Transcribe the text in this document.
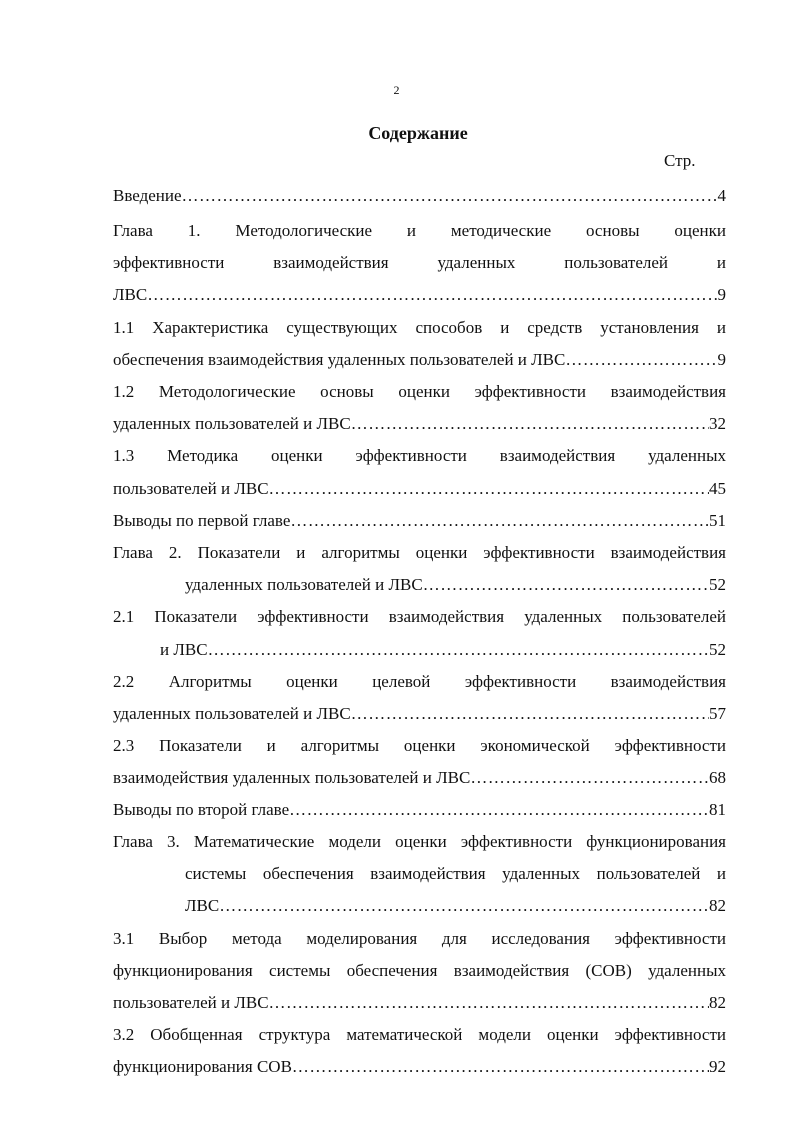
2
Содержание
Стр.
Введение …………………………………………………………………………………………………………………………………………………………	4
Глава 1. Методологические и методические основы оценки
эффективности взаимодействия удаленных пользователей и
ЛВС …………………………………………………………………………………………………………………………………………………………	9
1.1 Характеристика существующих способов и средств установления и
обеспечения взаимодействия удаленных пользователей и ЛВС …………………………………………………………………………………………………………………………………………………………	9
1.2 Методологические основы оценки эффективности взаимодействия
удаленных пользователей и ЛВС …………………………………………………………………………………………………………………………………………………………	32
1.3 Методика оценки эффективности взаимодействия удаленных
пользователей и ЛВС …………………………………………………………………………………………………………………………………………………………	45
Выводы по первой главе …………………………………………………………………………………………………………………………………………………………	51
Глава 2. Показатели и алгоритмы оценки эффективности взаимодействия
удаленных пользователей и ЛВС …………………………………………………………………………………………………………………………………………………………	52
2.1 Показатели эффективности взаимодействия удаленных пользователей
и ЛВС …………………………………………………………………………………………………………………………………………………………	52
2.2 Алгоритмы оценки целевой эффективности взаимодействия
удаленных пользователей и ЛВС …………………………………………………………………………………………………………………………………………………………	57
2.3 Показатели и алгоритмы оценки экономической эффективности
взаимодействия удаленных пользователей и ЛВС …………………………………………………………………………………………………………………………………………………………	68
Выводы по второй главе …………………………………………………………………………………………………………………………………………………………	81
Глава 3. Математические модели оценки эффективности функционирования
системы обеспечения взаимодействия удаленных пользователей и
ЛВС …………………………………………………………………………………………………………………………………………………………	82
3.1 Выбор метода моделирования для исследования эффективности
функционирования системы обеспечения взаимодействия (СОВ) удаленных
пользователей и ЛВС …………………………………………………………………………………………………………………………………………………………	82
3.2 Обобщенная структура математической модели оценки эффективности
функционирования СОВ …………………………………………………………………………………………………………………………………………………………	92
